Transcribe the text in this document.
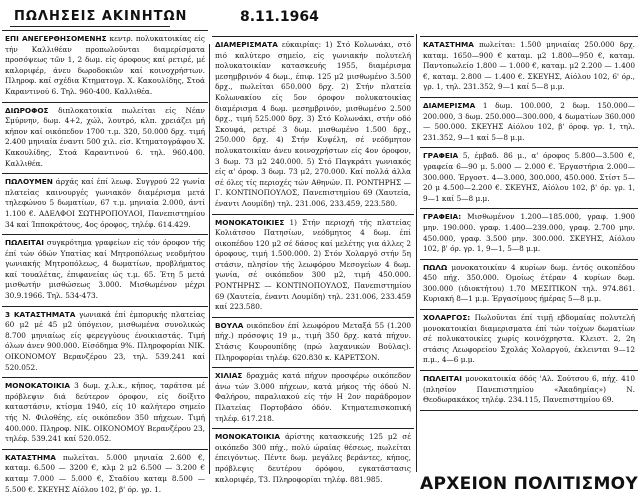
ΠΩΛΗΣΕΙΣ ΑΚΙΝΗΤΩΝ	8.11.1964

ΕΠΙ ΑΝΕΓΕΡΘΗΣΟΜΕΝΗΣ κεντρ. πολυκατοικίας είς τήν Καλλιθέαν προπωλοῦνται διαμερίσματα προσόψεως τῶν 1, 2 δωμ. είς όροφους καί ρετιρέ, μέ καλοριφέρ, άνευ δωροδοκιῶν καί κοινοχρήστων. Πληροφ. καί σχέδια Κτηματογρ. Χ. Κακουλίδης, Στοά Καραντινού 6. Τηλ. 960-400. Καλλιθέα.

ΔΙΩΡΟΦΟΣ διπλοκατοικία πωλείται είς Νέαν Σμύρνην, δωμ. 4+2, χώλ, λουτρό, κλπ. χρειάζει μή κήπον καί οικόπεδον 1700 τ.μ. 320, 50.000 δρχ. τιμή 2.400 μηνιαία έναντι 500 χιλ. είσ. Κτηματογράφου Χ. Κακουλίδης, Στοά Καραντινού 6. τηλ. 960.400. Καλλιθέα.

ΠΩΛΟΥΜΕΝ άρχάς καί έπί λεωφ. Συγγρού 22 γωνία πλατείας καινουργές γωνιακόν διαμέρισμα μετά τηλεφώνου 5 δωματίων, 67 τ.μ. μηνιαία 2.000, άντί 1.100 €. ΑΔΕΛΦΟΙ ΣΩΤΗΡΟΠΟΥΛΟΙ, Πανεπιστημίου 34 καί Ίπποκράτους, 4ος όροφος, τηλέφ. 614.429.

ΠΩΛΕΙΤΑΙ συγκρότημα γραφείων είς τόν όροφον τής έπί τών όδών Υπατίας καί Μητροπόλεως νεοδμήτου γωνιακής Μητροπόλεως, 4 δωματίων, προβλήματος καί τουαλέτας, έπιφανείας ώς τ.μ. 65. Έτη 5 μετά μισθωτήν μισθώσεως 3.000. Μισθωμένον μέχρι 30.9.1966. Τηλ. 534-473.

3 ΚΑΤΑΣΤΗΜΑΤΑ γωνιακά έπί έμπορικής πλατείας 60 μ2 μέ 45 μ2 ύπόγειον, μισθωμένα συνολικώς 8.700 μηνιαίως είς φερεγγύους ένοικιαστάς. Τιμή όλων άνεν 900.000. Είσόδημα 9%. Πληροφορίαι ΝΙΚ. ΟΙΚΟΝΟΜΟΥ Βερανζέρου 23, τηλ. 539.241 καί 520.052.

ΜΟΝΟΚΑΤΟΙΚΙΑ 3 δωμ. χ.λ.κ., κήπος, ταράτσα μέ πρόβλεψιν διά δεύτερον όροφον, είς δοίξιτο καταστάσιν, κτίσμα 1940, είς 10 καλήτερο σημείο τής Ν. Φιλοθέης, είς οικόπεδον 350 πήχεων. Τιμή 400.000. Πληροφ. ΝΙΚ. ΟΙΚΟΝΟΜΟΥ Βερανζέρου 23, τηλέφ. 539.241 καί 520.052.

ΚΑΤΑΣΤΗΜΑ πωλείται. 5.000 μηνιαία 2.600 €, καταμ. 6.500 — 3200 €, κλμ 2 μ2 6.500 — 3.200 € καταμ 7.000 — 5.000 €, Σταδίου καταμ 8.500 — 5.500 €. ΣΚΕΥΗΣ Αίόλου 102, β' όρ. γρ. 1.

ΔΙΑΜΕΡΙΣΜΑΤΑ εύκαιρίας: 1) Στό Κολωνάκι, στό πιό καλύτερο σημείο, είς γωνιακήν πολυτελή πολυκατοικίαν κατασκευής 1955, διαμέρισμα μεσημβρινόν 4 δωμ., έπιφ. 125 μ2 μισθωμένο 3.500 δρχ., πωλείται 650.000 δρχ. 2) Στήν πλατεία Κολωνακίου είς 5ον όροφον πολυκατοικίας διαμέρισμα 4 δωμ. μεσημβρινόν, μισθωμένο 2.500 δρχ., τιμή 525.000 δρχ. 3) Στό Κολωνάκι, στήν οδό Σκουφά, ρετιρέ 3 δωμ. μισθωμένο 1.500 δρχ., 250.000 δρχ. 4) Στήν Κυψέλη, σέ νεόδμητον πολυκατοικίαν άνευ κοινοχρήστων είς 4ον όροφον, 3 δωμ. 73 μ2 240.000. 5) Στό Παγκράτι γωνιακός είς α' όροφ. 3 δωμ. 73 μ2, 270.000. Καί πολλά άλλα σέ όλες τίς περιοχές τών Αθηνών. Π. ΡΟΝΤΗΡΗΣ — Γ. ΚΟΝΤΙΝΟΠΟΥΛΟΣ, Πανεπιστημίου 69 (Χαυτεία, έναντι Λουμίδη) τηλ. 231.006, 233.459, 223.580.

ΜΟΝΟΚΑΤΟΙΚΙΕΣ 1) Στήν περιοχή τής πλατείας Κολιάτσου Πατησίων, νεόδμητος 4 δωμ. έπί οικοπέδου 120 μ2 σέ δάσος καί μελέτης για άλλες 2 όροφους, τιμή 1.500.000. 2) Στόν Χολαργό στήν 5η στάσιν, πλησίον τής λεωφόρου Μεσογείων 4 δωμ. γωνία, σέ οικόπεδον 300 μ2, τιμή 450.000. ΡΟΝΤΗΡΗΣ — ΚΟΝΤΙΝΟΠΟΥΛΟΣ, Πανεπιστημίου 69 (Χαυτεία, έναντι Λουμίδη) τηλ. 231.006, 233.459 καί 223.580.

ΒΟΥΛΑ οικόπεδον έπί λεωφόρου Μεταξά 55 (1.200 πήχ.) πρόσοψις 19 μ., τιμή 350 δρχ. κατά πήχυν. Στάσις Κουρουπίδης (πρώ λαχανικών Βούλας). Πληροφορίαι τηλέφ. 620.830 κ. ΚΑΡΕΤΣΟΝ.

ΧΙΛΙΑΣ δραχμάς κατά πήχυν προσφέρω οικόπεδον άνω τών 3.000 πήχεων, κατά μήκος τής όδού Ν. Φαλήρου, παραλιακού είς τήν Η 2ον παράδρομον Πλατείας Πορτοβάσο όδόν. Κτηματεπισκοπική τηλέφ. 617.218.

ΜΟΝΟΚΑΤΟΙΚΙΑ άρίστης κατασκευής 125 μ2 σέ οικόπεδο 300 πήχ., πολύ ώραίας θέσεως, πωλείται έπειγόντως. Πέντε δωμ. μεγάλες βεράντες, κήπος, πρόβλεψις δευτέρου όρόφου, εγκατάστασις καλοριφέρ, Τ3. Πληροφορίαι τηλέφ. 881.985.

ΚΑΤΑΣΤΗΜΑ πωλείται: 1.500 μηνιαίας 250.000 δρχ. καταμ. 1650—900 € καταμ. μ2 1.800—950 €, καταμ. Παντοπωλείο 1.800 — 1.000 €, καταμ. μ2 2.200 — 1.400 €, καταμ. 2.800 — 1.400 €. ΣΚΕΥΗΣ, Αίόλου 102, 6' όρ., γρ. 1, τηλ. 231.352, 9—1 καί 5—8 μ.μ.

ΔΙΑΜΕΡΙΣΜΑ 1 δωμ. 100.000, 2 δωμ. 150.000—200.000, 3 δωμ. 250.000—300.000, 4 δωματίων 360.000 — 500.000. ΣΚΕΥΗΣ Αίόλου 102, β' όροφ. γρ. 1, τηλ. 231.352, 9—1 καί 5—8 μ.μ.

ΓΡΑΦΕΙΑ 5, έμβαδ. 86 μ., α' όροφος 5.800—3.500 €, γραφεία 6—90 μ. 5.000 — 2.000 €. Έργαστήρια 2.000—300.000. Έργοστ. 4—3.000, 300.000, 450.000. Στίστ 5—20 μ 4.500—2.200 €. ΣΚΕΥΗΣ, Αίόλου 102, β' όρ. γρ. 1, 9—1 καί 5—8 μ.μ.

ΓΡΑΦΕΙΑ: Μισθωμένον 1.200—185.000, γραφ. 1.900 μην. 190.000. γραφ. 1.400—239.000, γραφ. 2.700 μην. 450.000, γραφ. 3.500 μην. 300.000. ΣΚΕΥΗΣ, Αίόλου 102, β' όρ. γρ. 1, 9—1, 5—8 μ.μ.

ΠΩΛΩ μονοκατοικίαν 4 κυρίων δωμ. έντός οικοπέδου 450 πήχ. 350.000. Όμοίως έτέραν 4 κυρίων δωμ. 300.000 (ιδιοκτήτου) 1.70 ΜΕΣΙΤΙΚΟΝ τηλ. 974.861. Κυριακή 8—1 μ.μ. Έργασίμους ήμέρας 5—8 μ.μ.

ΧΟΛΑΡΓΟΣ: Πωλοῦνται έπί τιμῇ εβδομαίας πολυτελή μονοκατοικίαι διαμερισματα έπί τών τοίχων δωματίων σέ πολυκατοικίες χωρίς κοινόχρηστα. Κλειστ. 2, 2η στάσις Λεωφορείου Σχολάς Χολαργού, έκλεινται 9—12 π.μ., 4—6 μ.μ.

ΠΩΛΕΙΤΑΙ μονοκατοικία όδός 'Αλ. Σούτσου 6, πήχ. 410 (πλησίον Πανεπιστημίου «Άκαδημίας») Ν. Θεοδωρακάκος τηλέφ. 234.115, Πανεπιστημίου 69.

ΑΡΧΕΙΟΝ ΠΟΛΙΤΙΣΜΟΥ
